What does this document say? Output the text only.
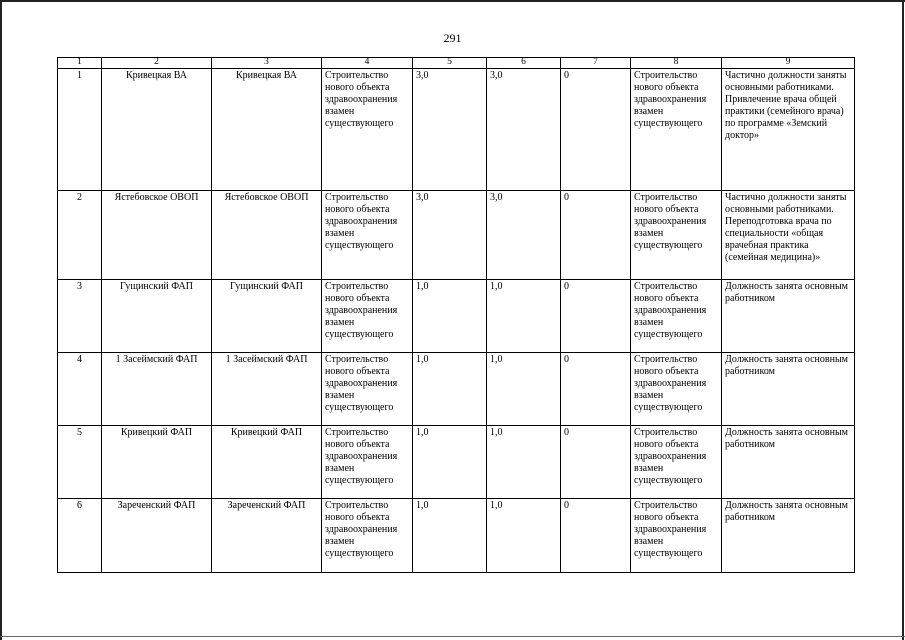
291
1	2	3	4	5	6	7	8	9
1	Кривецкая ВА	Кривецкая ВА	Строительство нового объекта здравоохранения взамен существующего	3,0	3,0	0	Строительство нового объекта здравоохранения взамен существующего	Частично должности заняты основными работниками. Привлечение врача общей практики (семейного врача) по программе «Земский доктор»
2	Ястебовское ОВОП	Ястебовское ОВОП	Строительство нового объекта здравоохранения взамен существующего	3,0	3,0	0	Строительство нового объекта здравоохранения взамен существующего	Частично должности заняты основными работниками. Переподготовка врача по специальности «общая врачебная практика (семейная медицина)»
3	Гущинский ФАП	Гущинский ФАП	Строительство нового объекта здравоохранения взамен существующего	1,0	1,0	0	Строительство нового объекта здравоохранения взамен существующего	Должность занята основным работником
4	1 Засеймский ФАП	1 Засеймский ФАП	Строительство нового объекта здравоохранения взамен существующего	1,0	1,0	0	Строительство нового объекта здравоохранения взамен существующего	Должность занята основным работником
5	Кривецкий ФАП	Кривецкий ФАП	Строительство нового объекта здравоохранения взамен существующего	1,0	1,0	0	Строительство нового объекта здравоохранения взамен существующего	Должность занята основным работником
6	Зареченский ФАП	Зареченский ФАП	Строительство нового объекта здравоохранения взамен существующего	1,0	1,0	0	Строительство нового объекта здравоохранения взамен существующего	Должность занята основным работником
